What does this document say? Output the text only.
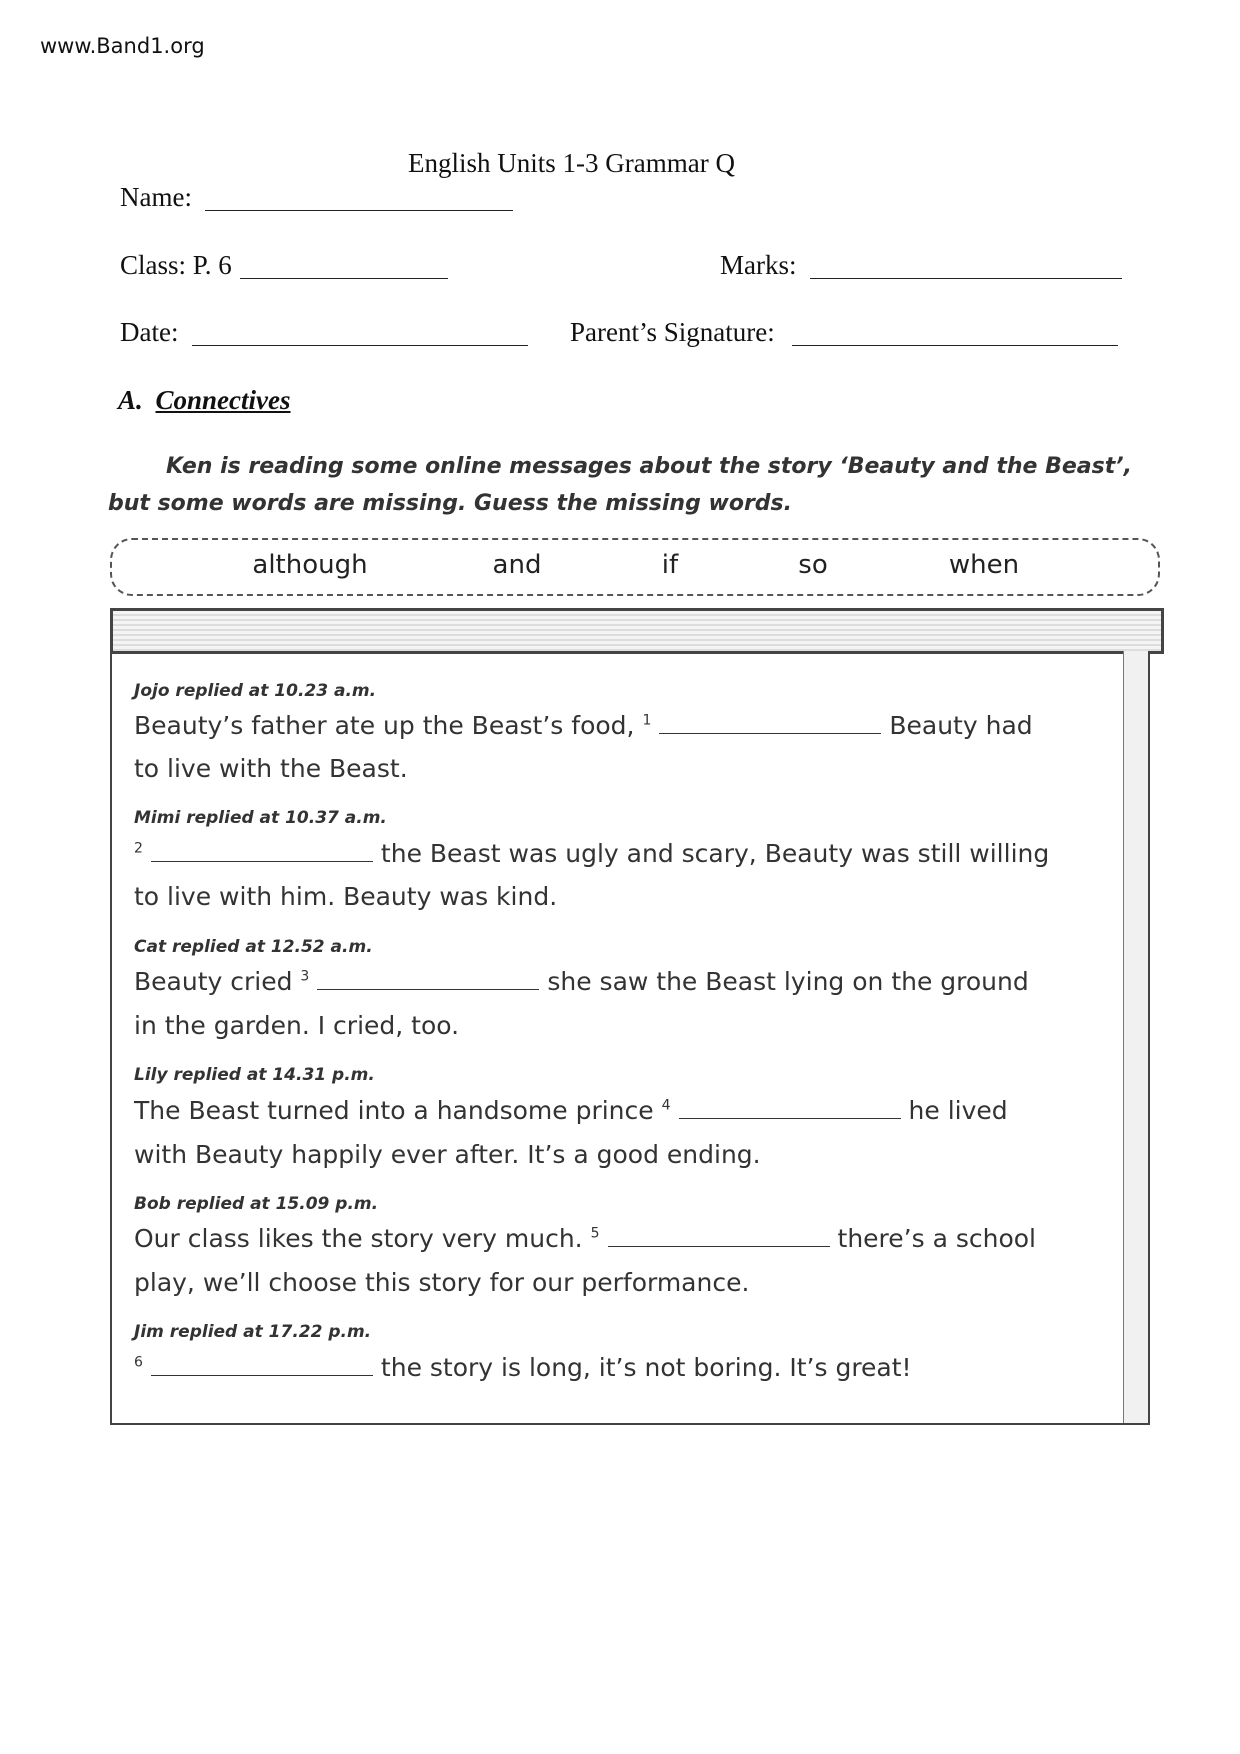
www.Band1.org
English Units 1-3 Grammar Q
Name:
Class: P. 6	Marks:
Date:	Parent’s Signature:
A. Connectives
Ken is reading some online messages about the story ‘Beauty and the Beast’,
but some words are missing. Guess the missing words.
although	and	if	so	when
Jojo replied at 10.23 a.m.
Beauty’s father ate up the Beast’s food, $^1$	Beauty had
to live with the Beast.
Mimi replied at 10.37 a.m.
$^2$	the Beast was ugly and scary, Beauty was still willing
to live with him. Beauty was kind.
Cat replied at 12.52 a.m.
Beauty cried $^3$	she saw the Beast lying on the ground
in the garden. I cried, too.
Lily replied at 14.31 p.m.
The Beast turned into a handsome prince $^4$	he lived
with Beauty happily ever after. It’s a good ending.
Bob replied at 15.09 p.m.
Our class likes the story very much. $^5$	there’s a school
play, we’ll choose this story for our performance.
Jim replied at 17.22 p.m.
$^6$	the story is long, it’s not boring. It’s great!
